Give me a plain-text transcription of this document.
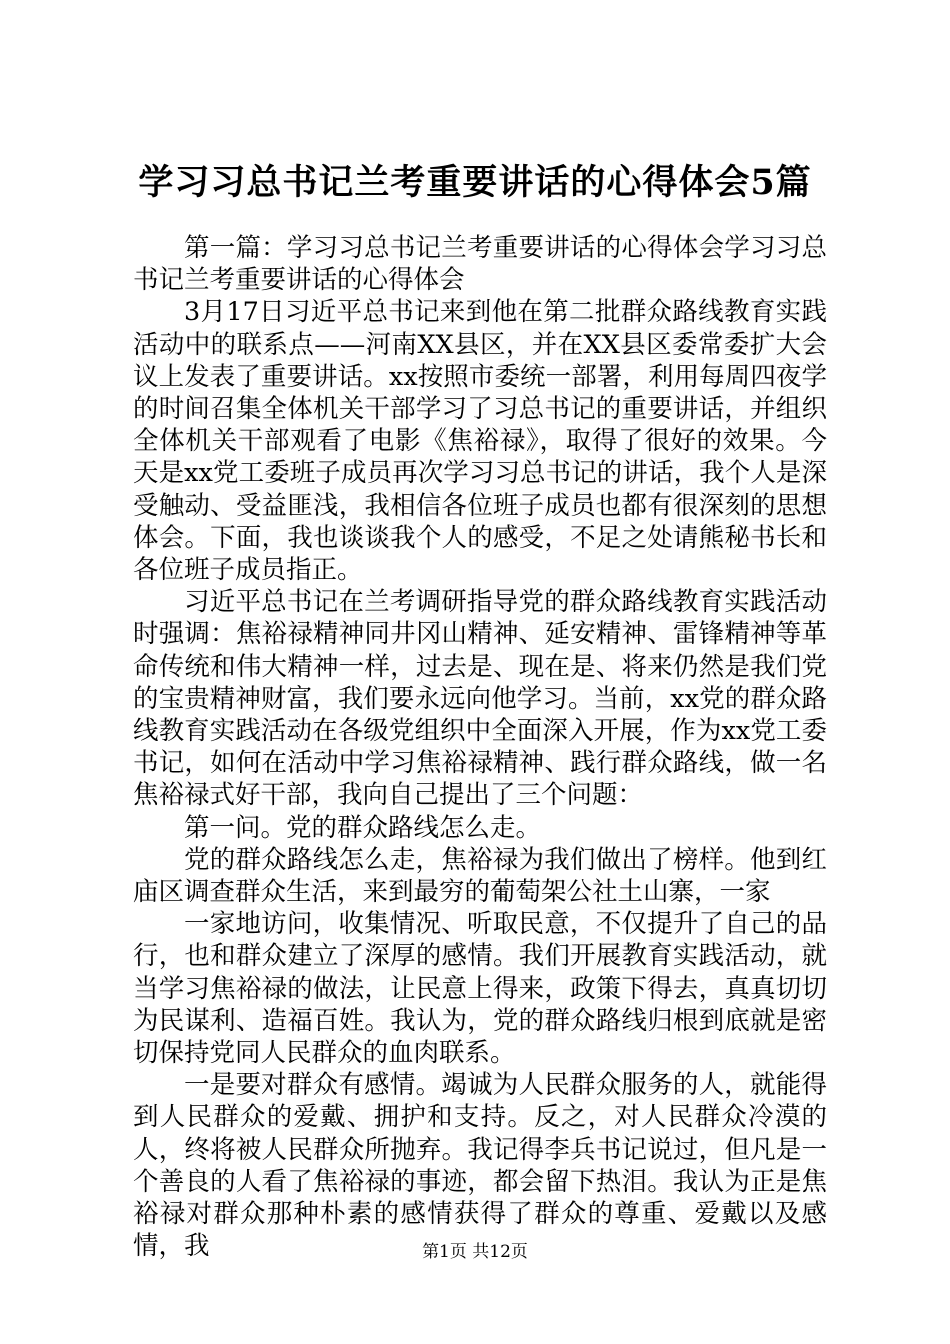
学习习总书记兰考重要讲话的心得体会5篇

第一篇：学习习总书记兰考重要讲话的心得体会学习习总书记兰考重要讲话的心得体会

3月17日习近平总书记来到他在第二批群众路线教育实践活动中的联系点——河南XX县区，并在XX县区委常委扩大会议上发表了重要讲话。xx按照市委统一部署，利用每周四夜学的时间召集全体机关干部学习了习总书记的重要讲话，并组织全体机关干部观看了电影《焦裕禄》，取得了很好的效果。今天是xx党工委班子成员再次学习习总书记的讲话，我个人是深受触动、受益匪浅，我相信各位班子成员也都有很深刻的思想体会。下面，我也谈谈我个人的感受，不足之处请熊秘书长和各位班子成员指正。

习近平总书记在兰考调研指导党的群众路线教育实践活动时强调：焦裕禄精神同井冈山精神、延安精神、雷锋精神等革命传统和伟大精神一样，过去是、现在是、将来仍然是我们党的宝贵精神财富，我们要永远向他学习。当前，xx党的群众路线教育实践活动在各级党组织中全面深入开展，作为xx党工委书记，如何在活动中学习焦裕禄精神、践行群众路线，做一名焦裕禄式好干部，我向自己提出了三个问题：

第一问。党的群众路线怎么走。

党的群众路线怎么走，焦裕禄为我们做出了榜样。他到红庙区调查群众生活，来到最穷的葡萄架公社土山寨，一家

一家地访问，收集情况、听取民意，不仅提升了自己的品行，也和群众建立了深厚的感情。我们开展教育实践活动，就当学习焦裕禄的做法，让民意上得来，政策下得去，真真切切为民谋利、造福百姓。我认为，党的群众路线归根到底就是密切保持党同人民群众的血肉联系。

一是要对群众有感情。竭诚为人民群众服务的人，就能得到人民群众的爱戴、拥护和支持。反之，对人民群众冷漠的人，终将被人民群众所抛弃。我记得李兵书记说过，但凡是一个善良的人看了焦裕禄的事迹，都会留下热泪。我认为正是焦裕禄对群众那种朴素的感情获得了群众的尊重、爱戴以及感情，我	第1页 共12页
